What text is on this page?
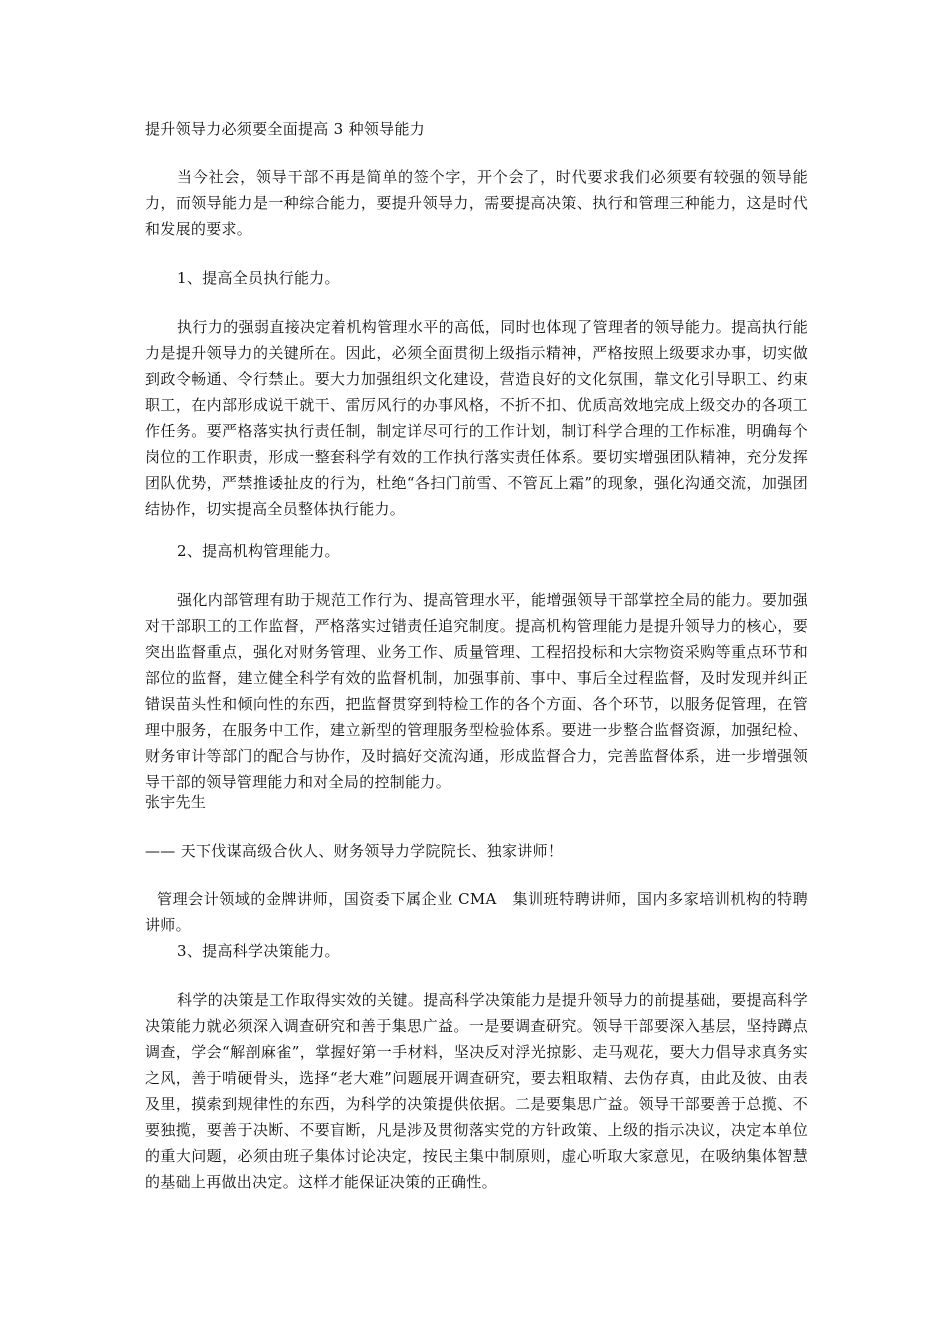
提升领导力必须要全面提高 3 种领导能力

当今社会，领导干部不再是简单的签个字，开个会了，时代要求我们必须要有较强的领导能力，而领导能力是一种综合能力，要提升领导力，需要提高决策、执行和管理三种能力，这是时代和发展的要求。

1、提高全员执行能力。

执行力的强弱直接决定着机构管理水平的高低，同时也体现了管理者的领导能力。提高执行能力是提升领导力的关键所在。因此，必须全面贯彻上级指示精神，严格按照上级要求办事，切实做到政令畅通、令行禁止。要大力加强组织文化建设，营造良好的文化氛围，靠文化引导职工、约束职工，在内部形成说干就干、雷厉风行的办事风格，不折不扣、优质高效地完成上级交办的各项工作任务。要严格落实执行责任制，制定详尽可行的工作计划，制订科学合理的工作标准，明确每个岗位的工作职责，形成一整套科学有效的工作执行落实责任体系。要切实增强团队精神，充分发挥团队优势，严禁推诿扯皮的行为，杜绝“各扫门前雪、不管瓦上霜”的现象，强化沟通交流，加强团结协作，切实提高全员整体执行能力。

2、提高机构管理能力。

强化内部管理有助于规范工作行为、提高管理水平，能增强领导干部掌控全局的能力。要加强对干部职工的工作监督，严格落实过错责任追究制度。提高机构管理能力是提升领导力的核心，要突出监督重点，强化对财务管理、业务工作、质量管理、工程招投标和大宗物资采购等重点环节和部位的监督，建立健全科学有效的监督机制，加强事前、事中、事后全过程监督，及时发现并纠正错误苗头性和倾向性的东西，把监督贯穿到特检工作的各个方面、各个环节，以服务促管理，在管理中服务，在服务中工作，建立新型的管理服务型检验体系。要进一步整合监督资源，加强纪检、财务审计等部门的配合与协作，及时搞好交流沟通，形成监督合力，完善监督体系，进一步增强领导干部的领导管理能力和对全局的控制能力。

张宇先生

—— 天下伐谋高级合伙人、财务领导力学院院长、独家讲师！

管理会计领域的金牌讲师，国资委下属企业 CMA　集训班特聘讲师，国内多家培训机构的特聘讲师。

3、提高科学决策能力。

科学的决策是工作取得实效的关键。提高科学决策能力是提升领导力的前提基础，要提高科学决策能力就必须深入调查研究和善于集思广益。一是要调查研究。领导干部要深入基层，坚持蹲点调查，学会“解剖麻雀”，掌握好第一手材料，坚决反对浮光掠影、走马观花，要大力倡导求真务实之风，善于啃硬骨头，选择“老大难”问题展开调查研究，要去粗取精、去伪存真，由此及彼、由表及里，摸索到规律性的东西，为科学的决策提供依据。二是要集思广益。领导干部要善于总揽、不要独揽，要善于决断、不要盲断，凡是涉及贯彻落实党的方针政策、上级的指示决议，决定本单位的重大问题，必须由班子集体讨论决定，按民主集中制原则，虚心听取大家意见，在吸纳集体智慧的基础上再做出决定。这样才能保证决策的正确性。
